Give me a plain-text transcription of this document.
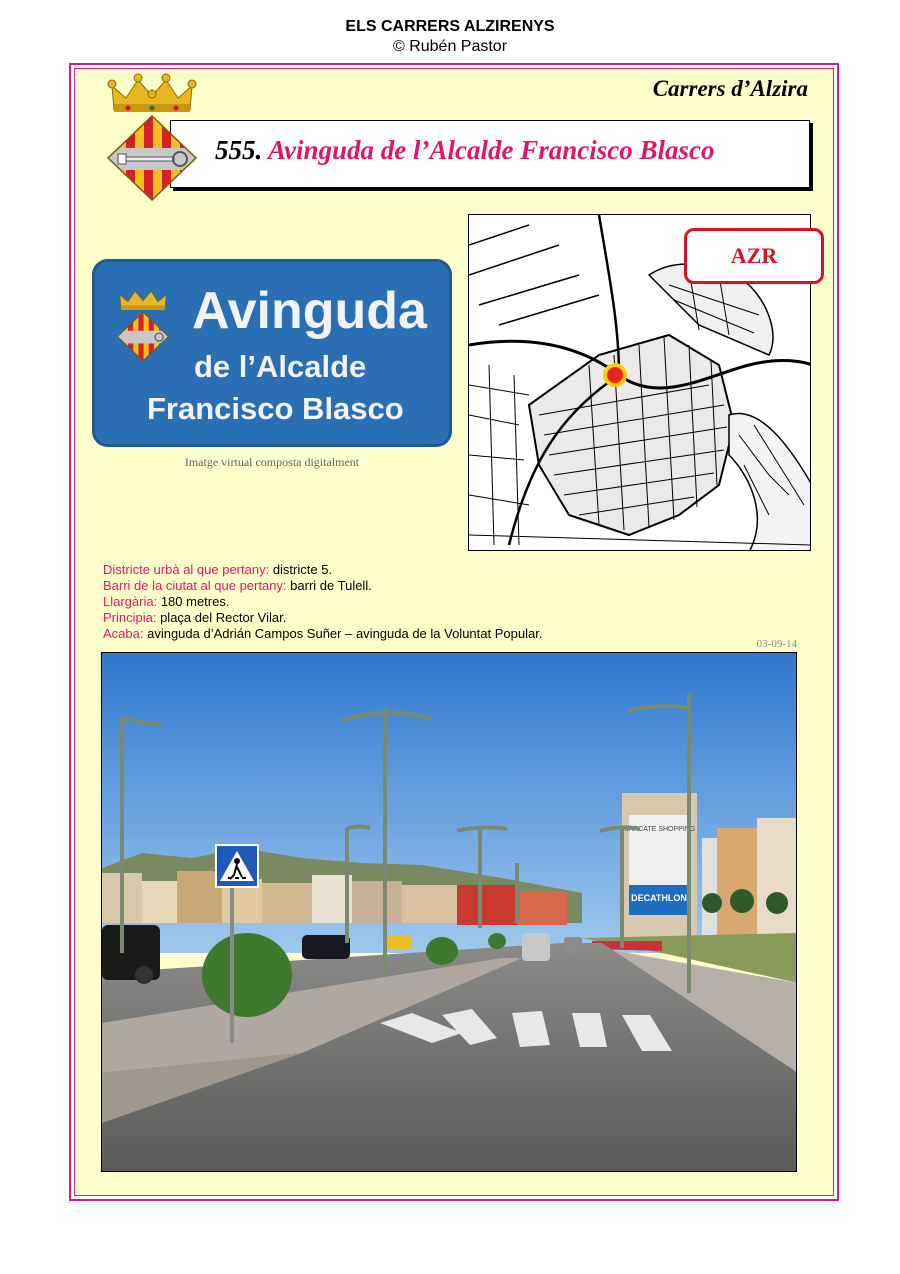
ELS CARRERS ALZIRENYS
© Rubén Pastor
Carrers d’Alzira
555. Avinguda de l’Alcalde Francisco Blasco
Avinguda
de l’Alcalde
Francisco Blasco
Imatge virtual composta digitalment
AZR
Districte urbà al que pertany: districte 5.
Barri de la ciutat al que pertany: barri de Tulell.
Llargària: 180 metres.
Principia: plaça del Rector Vilar.
Acaba: avinguda d’Adrián Campos Suñer – avinguda de la Voluntat Popular.
03-09-14
MARCATE SHOPPING
DECATHLON
